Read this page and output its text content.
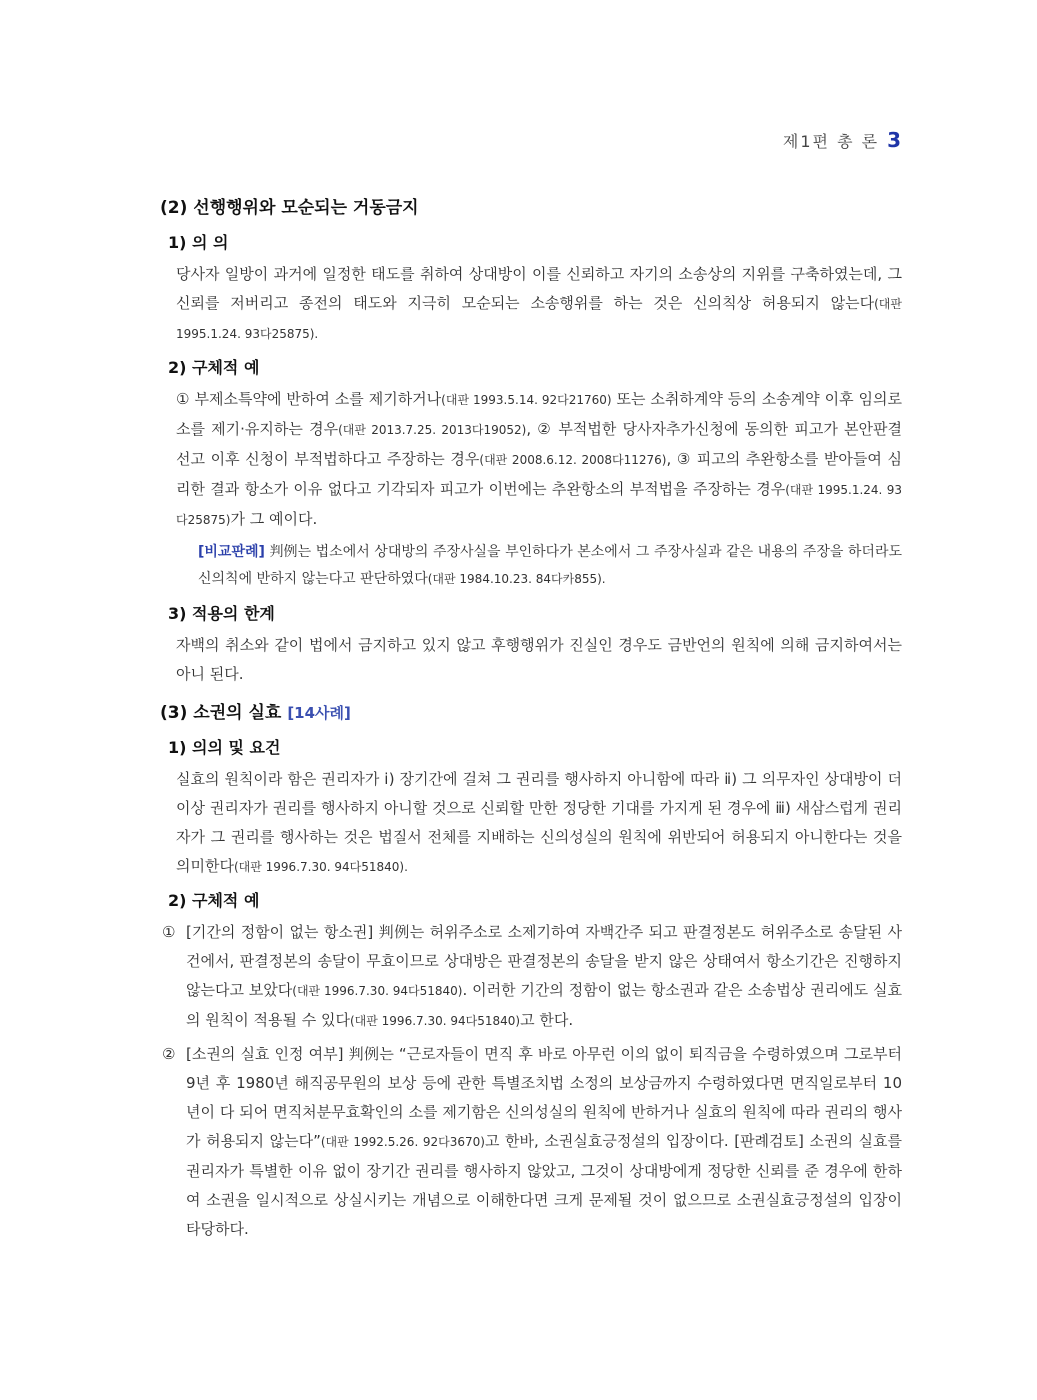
제1편 총 론 3
(2) 선행행위와 모순되는 거동금지
1) 의 의

당사자 일방이 과거에 일정한 태도를 취하여 상대방이 이를 신뢰하고 자기의 소송상의 지위를 구축하였는데, 그 신뢰를 저버리고 종전의 태도와 지극히 모순되는 소송행위를 하는 것은 신의칙상 허용되지 않는다(대판 1995.1.24. 93다25875).

2) 구체적 예

① 부제소특약에 반하여 소를 제기하거나(대판 1993.5.14. 92다21760) 또는 소취하계약 등의 소송계약 이후 임의로 소를 제기·유지하는 경우(대판 2013.7.25. 2013다19052), ② 부적법한 당사자추가신청에 동의한 피고가 본안판결 선고 이후 신청이 부적법하다고 주장하는 경우(대판 2008.6.12. 2008다11276), ③ 피고의 추완항소를 받아들여 심리한 결과 항소가 이유 없다고 기각되자 피고가 이번에는 추완항소의 부적법을 주장하는 경우(대판 1995.1.24. 93다25875)가 그 예이다.

[비교판례] 判例는 법소에서 상대방의 주장사실을 부인하다가 본소에서 그 주장사실과 같은 내용의 주장을 하더라도 신의칙에 반하지 않는다고 판단하였다(대판 1984.10.23. 84다카855).

3) 적용의 한계

자백의 취소와 같이 법에서 금지하고 있지 않고 후행행위가 진실인 경우도 금반언의 원칙에 의해 금지하여서는 아니 된다.

(3) 소권의 실효 [14사례]
1) 의의 및 요건

실효의 원칙이라 함은 권리자가 ⅰ) 장기간에 걸쳐 그 권리를 행사하지 아니함에 따라 ⅱ) 그 의무자인 상대방이 더 이상 권리자가 권리를 행사하지 아니할 것으로 신뢰할 만한 정당한 기대를 가지게 된 경우에 ⅲ) 새삼스럽게 권리자가 그 권리를 행사하는 것은 법질서 전체를 지배하는 신의성실의 원칙에 위반되어 허용되지 아니한다는 것을 의미한다(대판 1996.7.30. 94다51840).

2) 구체적 예
① [기간의 정함이 없는 항소권] 判例는 허위주소로 소제기하여 자백간주 되고 판결정본도 허위주소로 송달된 사건에서, 판결정본의 송달이 무효이므로 상대방은 판결정본의 송달을 받지 않은 상태여서 항소기간은 진행하지 않는다고 보았다(대판 1996.7.30. 94다51840). 이러한 기간의 정함이 없는 항소권과 같은 소송법상 권리에도 실효의 원칙이 적용될 수 있다(대판 1996.7.30. 94다51840)고 한다.
② [소권의 실효 인정 여부] 判例는 “근로자들이 면직 후 바로 아무런 이의 없이 퇴직금을 수령하였으며 그로부터 9년 후 1980년 해직공무원의 보상 등에 관한 특별조치법 소정의 보상금까지 수령하였다면 면직일로부터 10년이 다 되어 면직처분무효확인의 소를 제기함은 신의성실의 원칙에 반하거나 실효의 원칙에 따라 권리의 행사가 허용되지 않는다”(대판 1992.5.26. 92다3670)고 한바, 소권실효긍정설의 입장이다. [판례검토] 소권의 실효를 권리자가 특별한 이유 없이 장기간 권리를 행사하지 않았고, 그것이 상대방에게 정당한 신뢰를 준 경우에 한하여 소권을 일시적으로 상실시키는 개념으로 이해한다면 크게 문제될 것이 없으므로 소권실효긍정설의 입장이 타당하다.
